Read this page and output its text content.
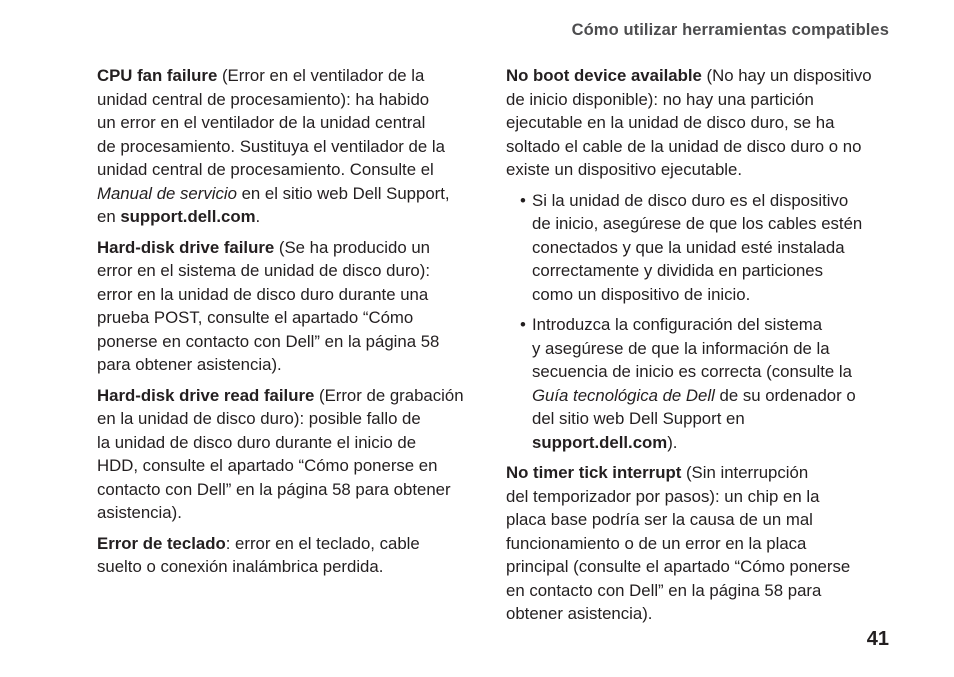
Cómo utilizar herramientas compatibles
CPU fan failure (Error en el ventilador de la
unidad central de procesamiento): ha habido
un error en el ventilador de la unidad central
de procesamiento. Sustituya el ventilador de la
unidad central de procesamiento. Consulte el
Manual de servicio en el sitio web Dell Support,
en support.dell.com.
Hard-disk drive failure (Se ha producido un
error en el sistema de unidad de disco duro):
error en la unidad de disco duro durante una
prueba POST, consulte el apartado “Cómo
ponerse en contacto con Dell” en la página 58
para obtener asistencia).
Hard-disk drive read failure (Error de grabación
en la unidad de disco duro): posible fallo de
la unidad de disco duro durante el inicio de
HDD, consulte el apartado “Cómo ponerse en
contacto con Dell” en la página 58 para obtener
asistencia).
Error de teclado: error en el teclado, cable
suelto o conexión inalámbrica perdida.
No boot device available (No hay un dispositivo
de inicio disponible): no hay una partición
ejecutable en la unidad de disco duro, se ha
soltado el cable de la unidad de disco duro o no
existe un dispositivo ejecutable.
• Si la unidad de disco duro es el dispositivo
de inicio, asegúrese de que los cables estén
conectados y que la unidad esté instalada
correctamente y dividida en particiones
como un dispositivo de inicio.
• Introduzca la configuración del sistema
y asegúrese de que la información de la
secuencia de inicio es correcta (consulte la
Guía tecnológica de Dell de su ordenador o
del sitio web Dell Support en
support.dell.com).
No timer tick interrupt (Sin interrupción
del temporizador por pasos): un chip en la
placa base podría ser la causa de un mal
funcionamiento o de un error en la placa
principal (consulte el apartado “Cómo ponerse
en contacto con Dell” en la página 58 para
obtener asistencia).
41
